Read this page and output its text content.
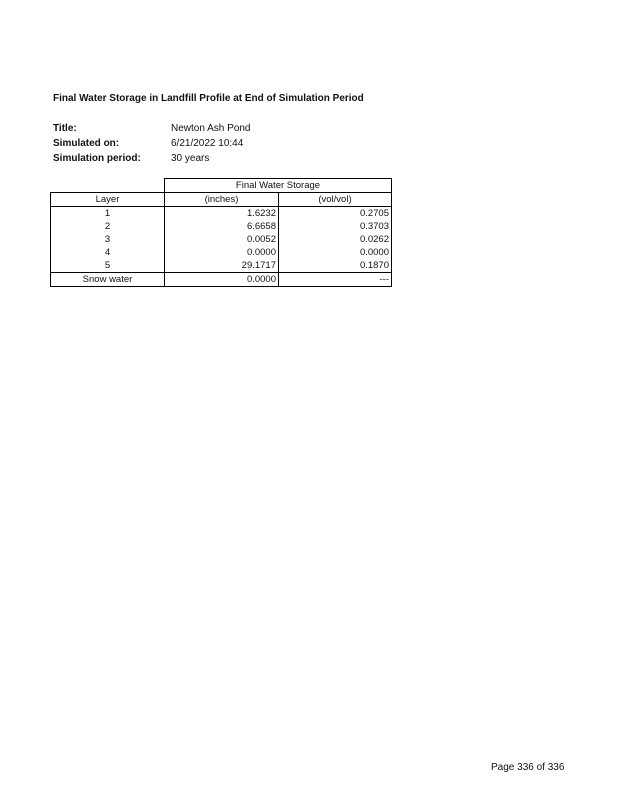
Final Water Storage in Landfill Profile at End of Simulation Period
Title:	Newton Ash Pond
Simulated on:	6/21/2022 10:44
Simulation period:	30 years
	Final Water Storage	
Layer	(inches)	(vol/vol)
1	1.6232	0.2705
2	6.6658	0.3703
3	0.0052	0.0262
4	0.0000	0.0000
5	29.1717	0.1870
Snow water	0.0000	---
Page 336 of 336
